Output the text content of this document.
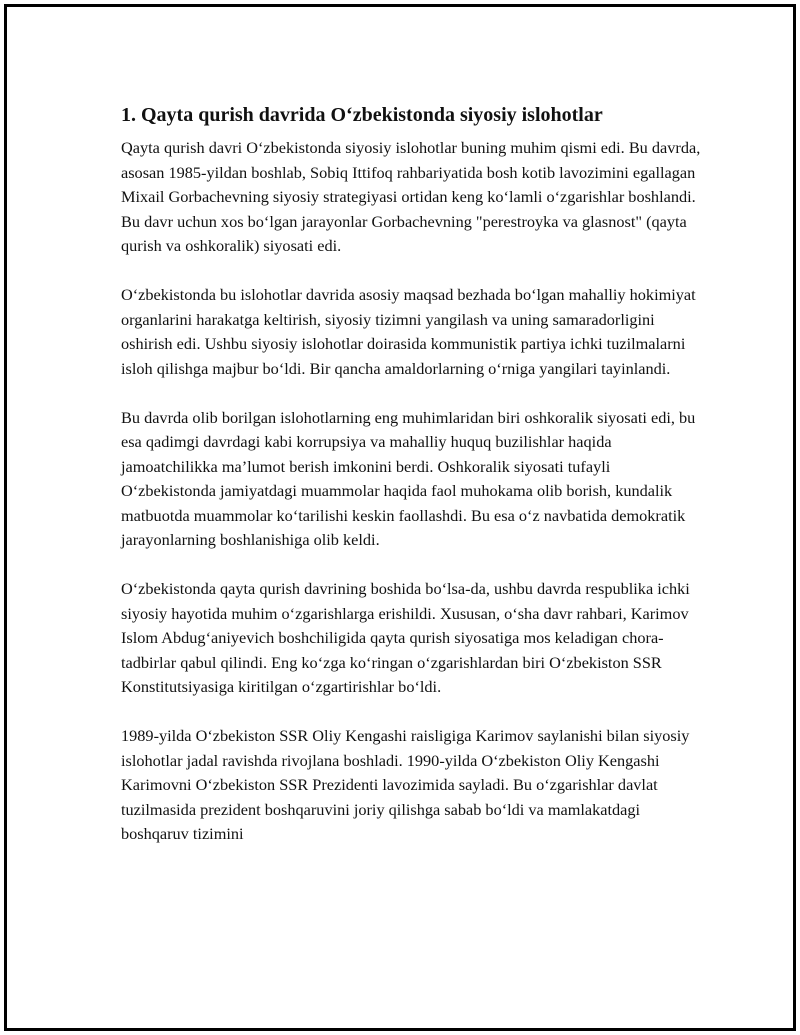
1. Qayta qurish davrida O‘zbekistonda siyosiy islohotlar

Qayta qurish davri O‘zbekistonda siyosiy islohotlar buning muhim qismi edi. Bu davrda, asosan 1985-yildan boshlab, Sobiq Ittifoq rahbariyatida bosh kotib lavozimini egallagan Mixail Gorbachevning siyosiy strategiyasi ortidan keng ko‘lamli o‘zgarishlar boshlandi. Bu davr uchun xos bo‘lgan jarayonlar Gorbachevning "perestroyka va glasnost" (qayta qurish va oshkoralik) siyosati edi.

O‘zbekistonda bu islohotlar davrida asosiy maqsad bezhada bo‘lgan mahalliy hokimiyat organlarini harakatga keltirish, siyosiy tizimni yangilash va uning samaradorligini oshirish edi. Ushbu siyosiy islohotlar doirasida kommunistik partiya ichki tuzilmalarni isloh qilishga majbur bo‘ldi. Bir qancha amaldorlarning o‘rniga yangilari tayinlandi.

Bu davrda olib borilgan islohotlarning eng muhimlaridan biri oshkoralik siyosati edi, bu esa qadimgi davrdagi kabi korrupsiya va mahalliy huquq buzilishlar haqida jamoatchilikka ma’lumot berish imkonini berdi. Oshkoralik siyosati tufayli O‘zbekistonda jamiyatdagi muammolar haqida faol muhokama olib borish, kundalik matbuotda muammolar ko‘tarilishi keskin faollashdi. Bu esa o‘z navbatida demokratik jarayonlarning boshlanishiga olib keldi.

O‘zbekistonda qayta qurish davrining boshida bo‘lsa-da, ushbu davrda respublika ichki siyosiy hayotida muhim o‘zgarishlarga erishildi. Xususan, o‘sha davr rahbari, Karimov Islom Abdug‘aniyevich boshchiligida qayta qurish siyosatiga mos keladigan chora-tadbirlar qabul qilindi. Eng ko‘zga ko‘ringan o‘zgarishlardan biri O‘zbekiston SSR Konstitutsiyasiga kiritilgan o‘zgartirishlar bo‘ldi.

1989-yilda O‘zbekiston SSR Oliy Kengashi raisligiga Karimov saylanishi bilan siyosiy islohotlar jadal ravishda rivojlana boshladi. 1990-yilda O‘zbekiston Oliy Kengashi Karimovni O‘zbekiston SSR Prezidenti lavozimida sayladi. Bu o‘zgarishlar davlat tuzilmasida prezident boshqaruvini joriy qilishga sabab bo‘ldi va mamlakatdagi boshqaruv tizimini
